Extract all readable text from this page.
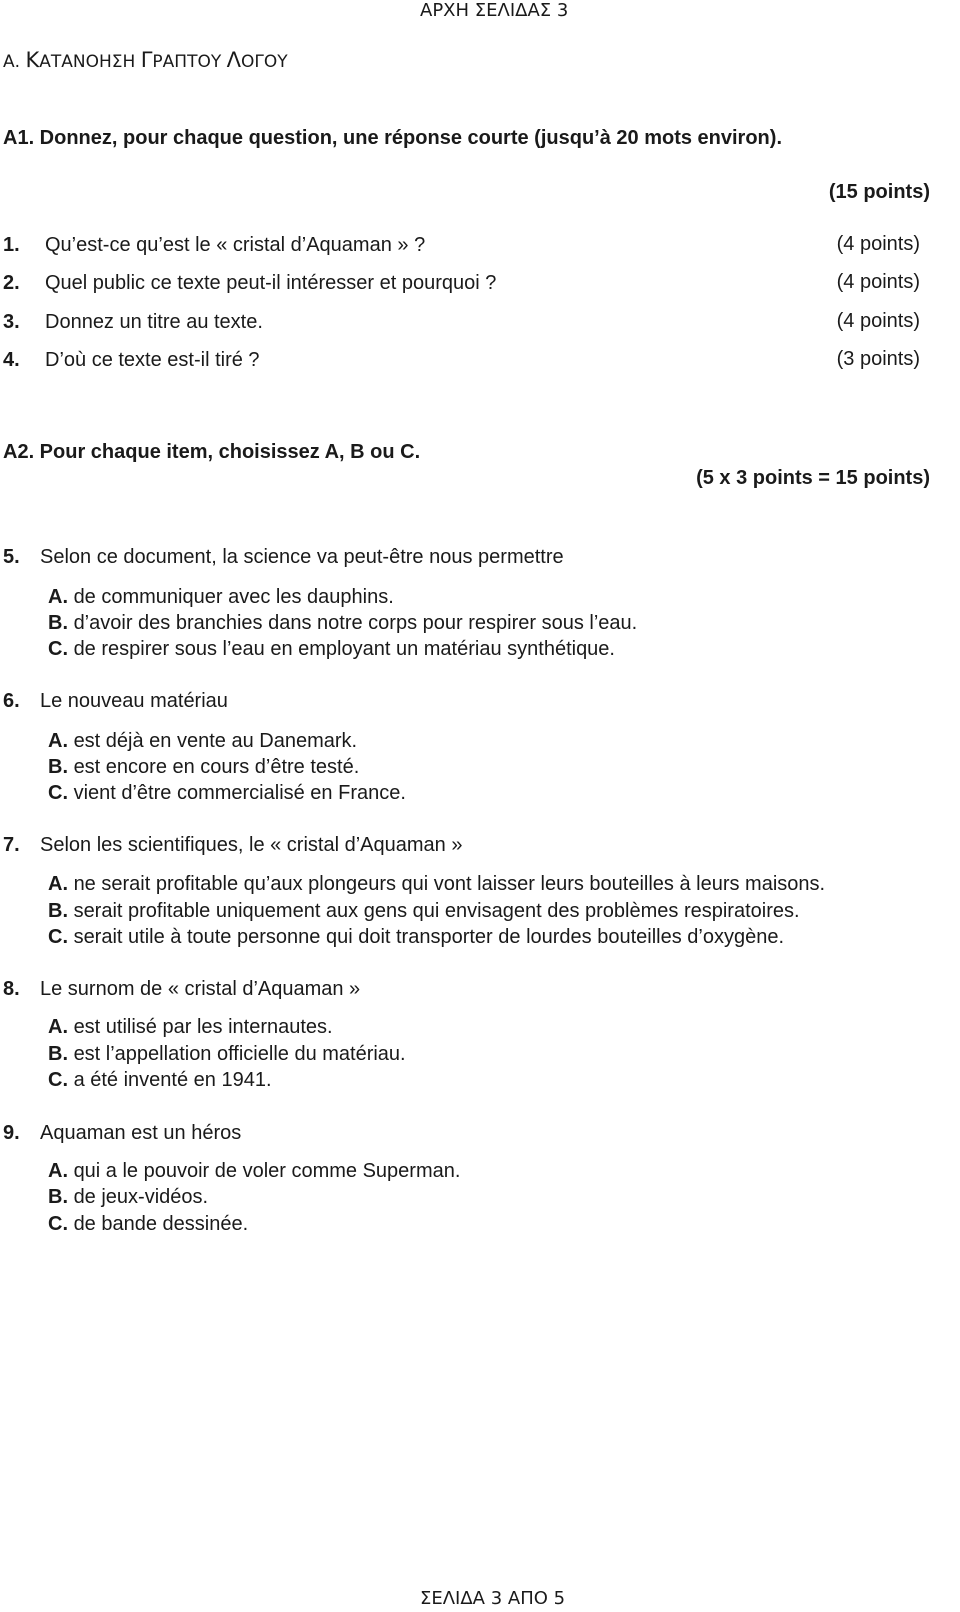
ΑΡΧΗ ΣΕΛΙΔΑΣ 3
Α. ΚΑΤΑΝΟΗΣΗ ΓΡΑΠΤΟΥ ΛΟΓΟΥ
A1. Donnez, pour chaque question, une réponse courte (jusqu’à 20 mots environ).
(15 points)
1. Qu’est-ce qu’est le « cristal d’Aquaman » ?	(4 points)
2. Quel public ce texte peut-il intéresser et pourquoi ?	(4 points)
3. Donnez un titre au texte.	(4 points)
4. D’où ce texte est-il tiré ?	(3 points)
A2. Pour chaque item, choisissez A, B ou C.
(5 x 3 points = 15 points)
5. Selon ce document, la science va peut-être nous permettre
A. de communiquer avec les dauphins.
B. d’avoir des branchies dans notre corps pour respirer sous l’eau.
C. de respirer sous l’eau en employant un matériau synthétique.
6. Le nouveau matériau
A. est déjà en vente au Danemark.
B. est encore en cours d’être testé.
C. vient d’être commercialisé en France.
7. Selon les scientifiques, le « cristal d’Aquaman »
A. ne serait profitable qu’aux plongeurs qui vont laisser leurs bouteilles à leurs maisons.
B. serait profitable uniquement aux gens qui envisagent des problèmes respiratoires.
C. serait utile à toute personne qui doit transporter de lourdes bouteilles d’oxygène.
8. Le surnom de « cristal d’Aquaman »
A. est utilisé par les internautes.
B. est l’appellation officielle du matériau.
C. a été inventé en 1941.
9. Aquaman est un héros
A. qui a le pouvoir de voler comme Superman.
B. de jeux-vidéos.
C. de bande dessinée.
ΣΕΛΙΔΑ 3 ΑΠΟ 5
